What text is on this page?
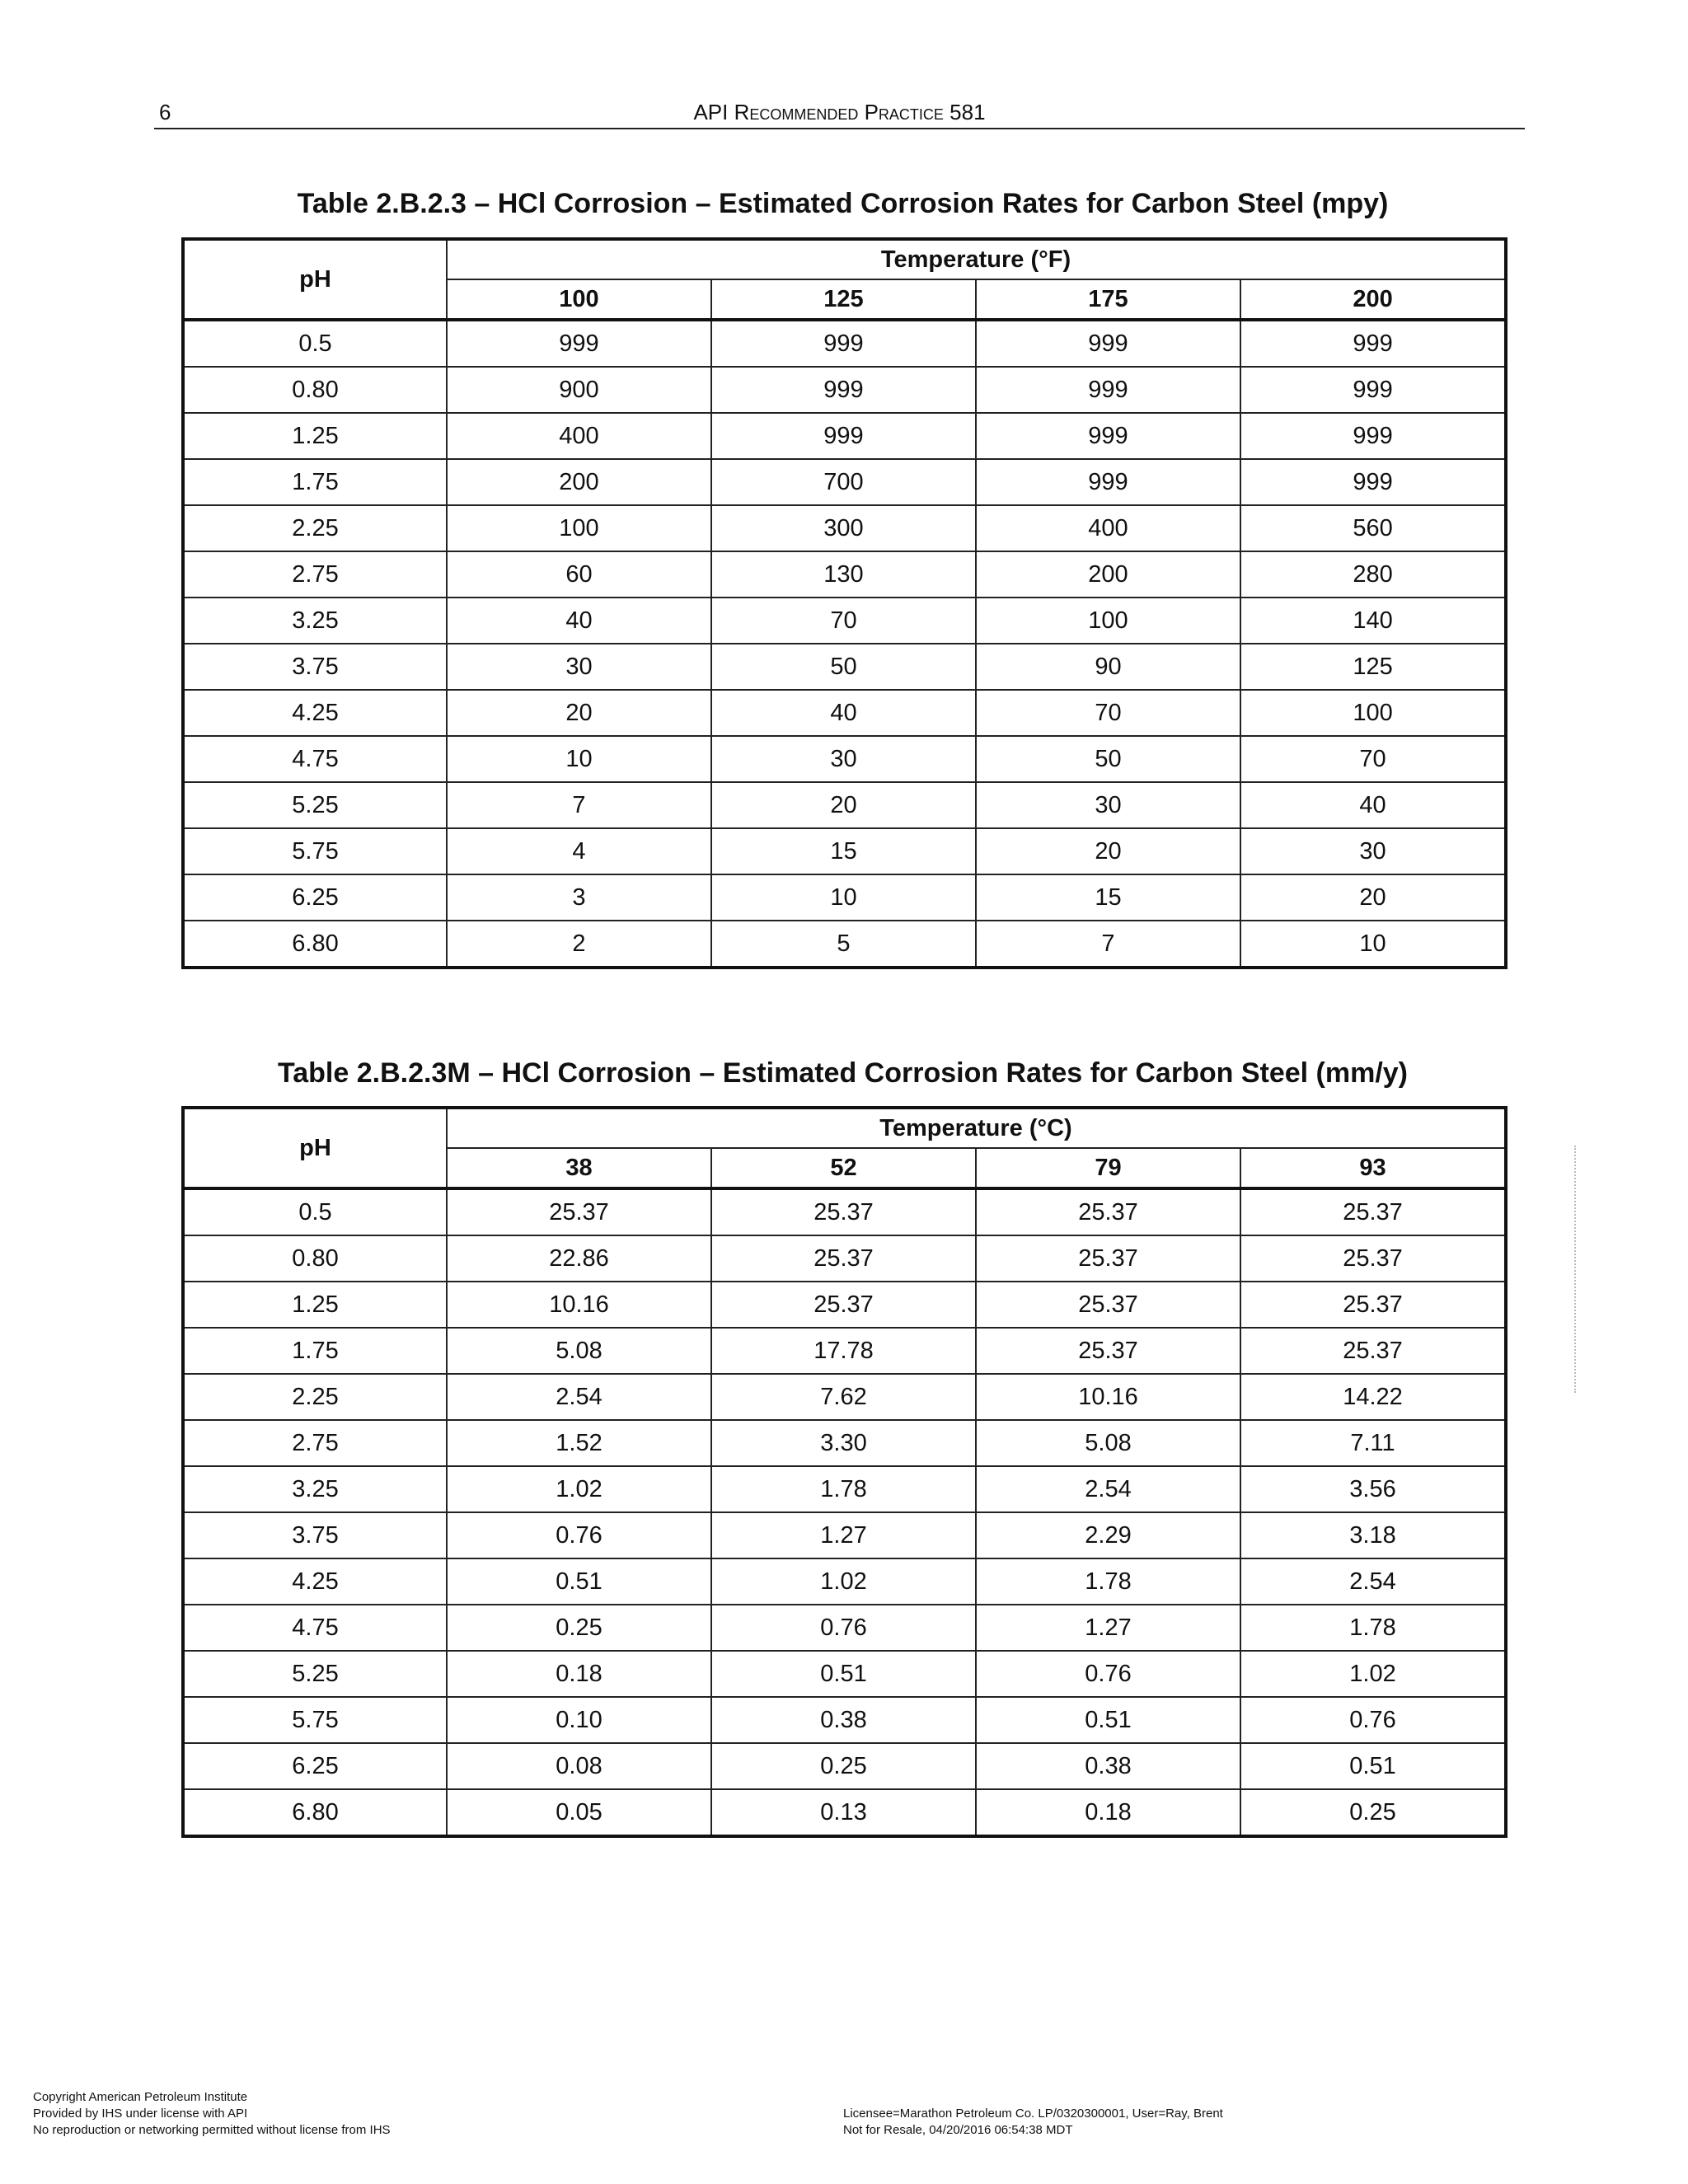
6	API Recommended Practice 581
Table 2.B.2.3 – HCl Corrosion – Estimated Corrosion Rates for Carbon Steel (mpy)
pH	Temperature (°F)			
	100	125	175	200
0.5	999	999	999	999
0.80	900	999	999	999
1.25	400	999	999	999
1.75	200	700	999	999
2.25	100	300	400	560
2.75	60	130	200	280
3.25	40	70	100	140
3.75	30	50	90	125
4.25	20	40	70	100
4.75	10	30	50	70
5.25	7	20	30	40
5.75	4	15	20	30
6.25	3	10	15	20
6.80	2	5	7	10
Table 2.B.2.3M – HCl Corrosion – Estimated Corrosion Rates for Carbon Steel (mm/y)
pH	Temperature (°C)			
	38	52	79	93
0.5	25.37	25.37	25.37	25.37
0.80	22.86	25.37	25.37	25.37
1.25	10.16	25.37	25.37	25.37
1.75	5.08	17.78	25.37	25.37
2.25	2.54	7.62	10.16	14.22
2.75	1.52	3.30	5.08	7.11
3.25	1.02	1.78	2.54	3.56
3.75	0.76	1.27	2.29	3.18
4.25	0.51	1.02	1.78	2.54
4.75	0.25	0.76	1.27	1.78
5.25	0.18	0.51	0.76	1.02
5.75	0.10	0.38	0.51	0.76
6.25	0.08	0.25	0.38	0.51
6.80	0.05	0.13	0.18	0.25
Copyright American Petroleum Institute
Provided by IHS under license with API
No reproduction or networking permitted without license from IHS
Licensee=Marathon Petroleum Co. LP/0320300001, User=Ray, Brent
Not for Resale, 04/20/2016 06:54:38 MDT
